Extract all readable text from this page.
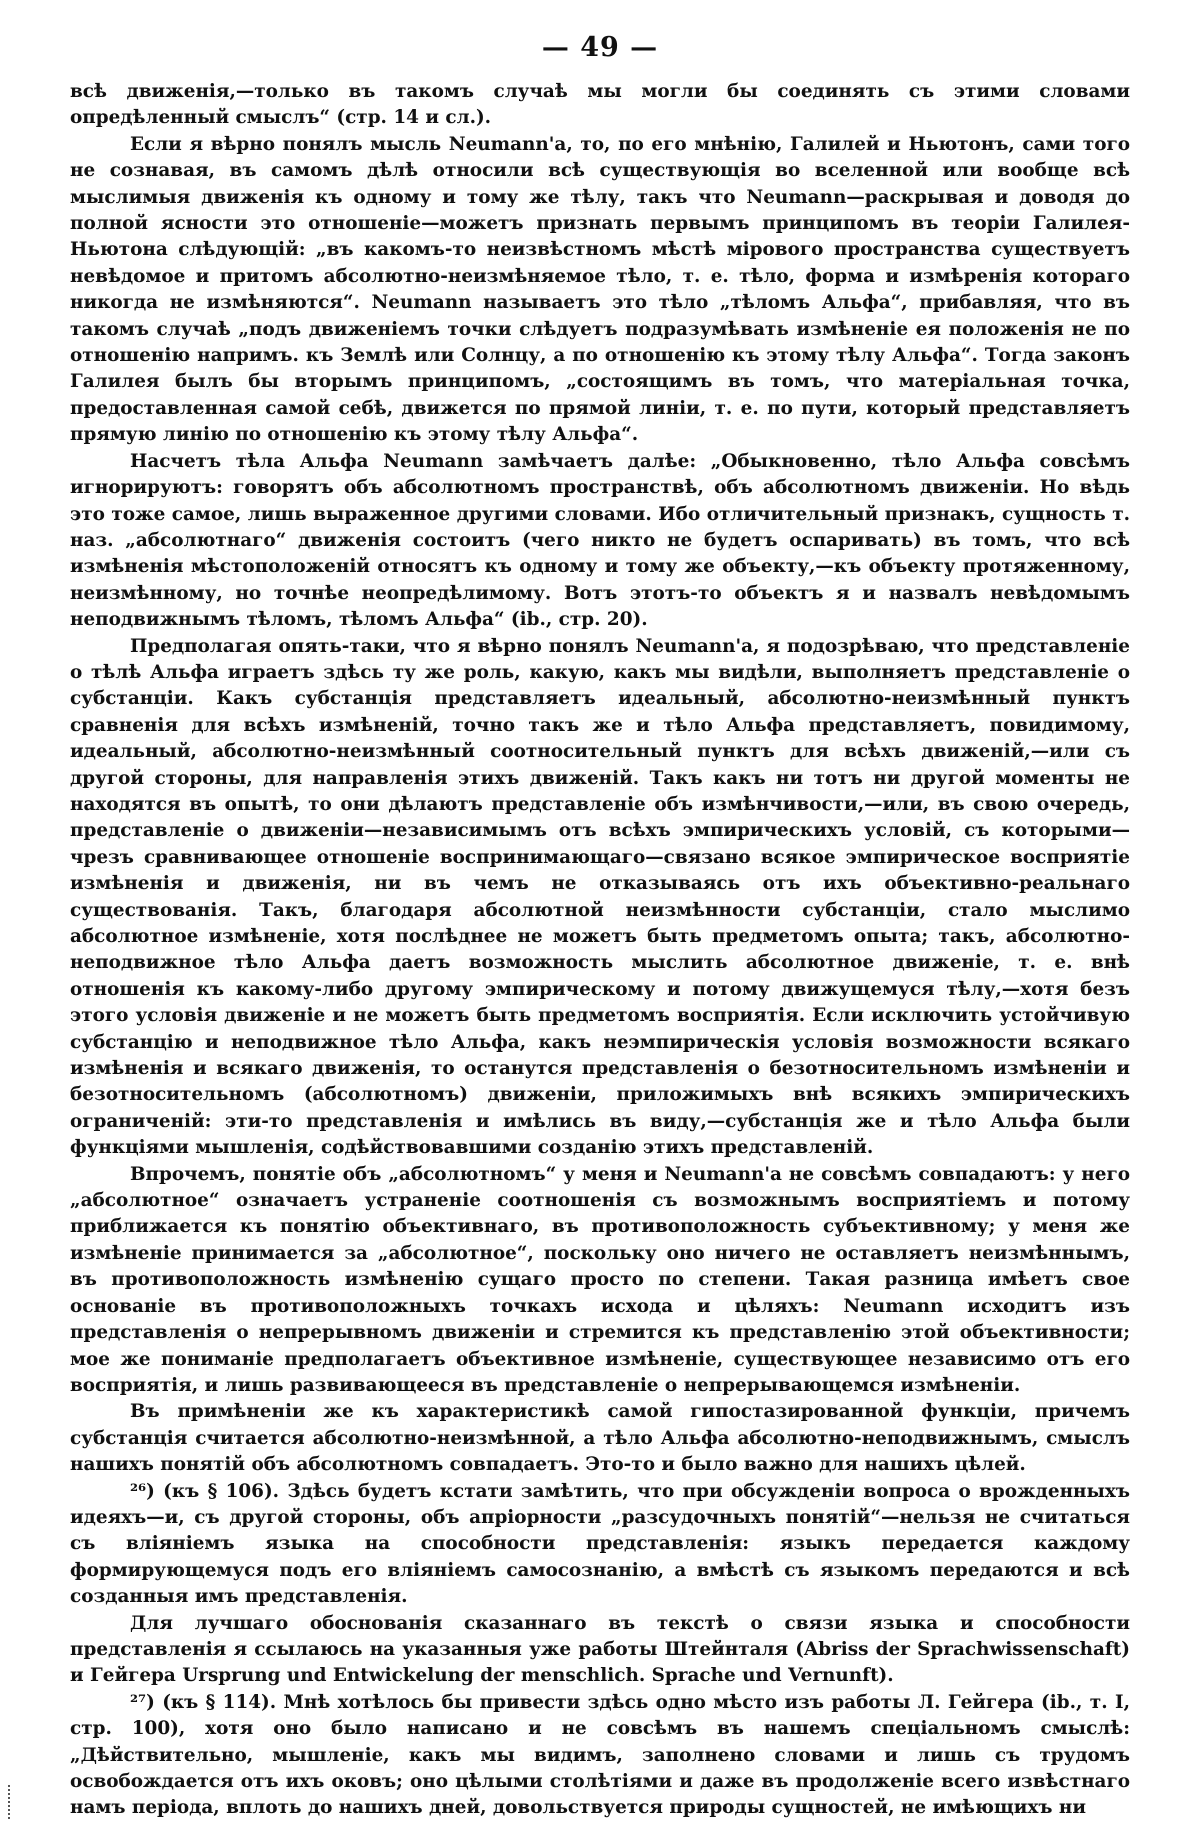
— 49 —

всѣ движенія,—только въ такомъ случаѣ мы могли бы соединять съ этими словами опредѣленный смыслъ“ (стр. 14 и сл.).

Если я вѣрно понялъ мысль Neumann'а, то, по его мнѣнію, Галилей и Ньютонъ, сами того не сознавая, въ самомъ дѣлѣ относили всѣ существующія во вселенной или вообще всѣ мыслимыя движенія къ одному и тому же тѣлу, такъ что Neumann—раскрывая и доводя до полной ясности это отношеніе—можетъ признать первымъ принципомъ въ теоріи Галилея-Ньютона слѣдующій: „въ какомъ-то неизвѣстномъ мѣстѣ мірового пространства существуетъ невѣдомое и притомъ абсолютно-неизмѣняемое тѣло, т. е. тѣло, форма и измѣренія котораго никогда не измѣняются“. Neumann называетъ это тѣло „тѣломъ Альфа“, прибавляя, что въ такомъ случаѣ „подъ движеніемъ точки слѣдуетъ подразумѣвать измѣненіе ея положенія не по отношенію напримъ. къ Землѣ или Солнцу, а по отношенію къ этому тѣлу Альфа“. Тогда законъ Галилея былъ бы вторымъ принципомъ, „состоящимъ въ томъ, что матеріальная точка, предоставленная самой себѣ, движется по прямой линіи, т. е. по пути, который представляетъ прямую линію по отношенію къ этому тѣлу Альфа“.

Насчетъ тѣла Альфа Neumann замѣчаетъ далѣе: „Обыкновенно, тѣло Альфа совсѣмъ игнорируютъ: говорятъ объ абсолютномъ пространствѣ, объ абсолютномъ движеніи. Но вѣдь это тоже самое, лишь выраженное другими словами. Ибо отличительный признакъ, сущность т. наз. „абсолютнаго“ движенія состоитъ (чего никто не будетъ оспаривать) въ томъ, что всѣ измѣненія мѣстоположеній относятъ къ одному и тому же объекту,—къ объекту протяженному, неизмѣнному, но точнѣе неопредѣлимому. Вотъ этотъ-то объектъ я и назвалъ невѣдомымъ неподвижнымъ тѣломъ, тѣломъ Альфа“ (ib., стр. 20).

Предполагая опять-таки, что я вѣрно понялъ Neumann'а, я подозрѣваю, что представленіе о тѣлѣ Альфа играетъ здѣсь ту же роль, какую, какъ мы видѣли, выполняетъ представленіе о субстанціи. Какъ субстанція представляетъ идеальный, абсолютно-неизмѣнный пунктъ сравненія для всѣхъ измѣненій, точно такъ же и тѣло Альфа представляетъ, повидимому, идеальный, абсолютно-неизмѣнный соотносительный пунктъ для всѣхъ движеній,—или съ другой стороны, для направленія этихъ движеній. Такъ какъ ни тотъ ни другой моменты не находятся въ опытѣ, то они дѣлаютъ представленіе объ измѣнчивости,—или, въ свою очередь, представленіе о движеніи—независимымъ отъ всѣхъ эмпирическихъ условій, съ которыми—чрезъ сравнивающее отношеніе воспринимающаго—связано всякое эмпирическое восприятіе измѣненія и движенія, ни въ чемъ не отказываясь отъ ихъ объективно-реальнаго существованія. Такъ, благодаря абсолютной неизмѣнности субстанціи, стало мыслимо абсолютное измѣненіе, хотя послѣднее не можетъ быть предметомъ опыта; такъ, абсолютно-неподвижное тѣло Альфа даетъ возможность мыслить абсолютное движеніе, т. е. внѣ отношенія къ какому-либо другому эмпирическому и потому движущемуся тѣлу,—хотя безъ этого условія движеніе и не можетъ быть предметомъ восприятія. Если исключить устойчивую субстанцію и неподвижное тѣло Альфа, какъ неэмпирическія условія возможности всякаго измѣненія и всякаго движенія, то останутся представленія о безотносительномъ измѣненіи и безотносительномъ (абсолютномъ) движеніи, приложимыхъ внѣ всякихъ эмпирическихъ ограниченій: эти-то представленія и имѣлись въ виду,—субстанція же и тѣло Альфа были функціями мышленія, содѣйствовавшими созданію этихъ представленій.

Впрочемъ, понятіе объ „абсолютномъ“ у меня и Neumann'а не совсѣмъ совпадаютъ: у него „абсолютное“ означаетъ устраненіе соотношенія съ возможнымъ восприятіемъ и потому приближается къ понятію объективнаго, въ противоположность субъективному; у меня же измѣненіе принимается за „абсолютное“, поскольку оно ничего не оставляетъ неизмѣннымъ, въ противоположность измѣненію сущаго просто по степени. Такая разница имѣетъ свое основаніе въ противоположныхъ точкахъ исхода и цѣляхъ: Neumann исходитъ изъ представленія о непрерывномъ движеніи и стремится къ представленію этой объективности; мое же пониманіе предполагаетъ объективное измѣненіе, существующее независимо отъ его восприятія, и лишь развивающееся въ представленіе о непрерывающемся измѣненіи.

Въ примѣненіи же къ характеристикѣ самой гипостазированной функціи, причемъ субстанція считается абсолютно-неизмѣнной, а тѣло Альфа абсолютно-неподвижнымъ, смыслъ нашихъ понятій объ абсолютномъ совпадаетъ. Это-то и было важно для нашихъ цѣлей.

²⁶) (къ § 106). Здѣсь будетъ кстати замѣтить, что при обсужденіи вопроса о врожденныхъ идеяхъ—и, съ другой стороны, объ апріорности „разсудочныхъ понятій“—нельзя не считаться съ вліяніемъ языка на способности представленія: языкъ передается каждому формирующемуся подъ его вліяніемъ самосознанію, а вмѣстѣ съ языкомъ передаются и всѣ созданныя имъ представленія.

Для лучшаго обоснованія сказаннаго въ текстѣ о связи языка и способности представленія я ссылаюсь на указанныя уже работы Штейнталя (Abriss der Sprachwissenschaft) и Гейгера Ursprung und Entwickelung der menschlich. Sprache und Vernunft).

²⁷) (къ § 114). Мнѣ хотѣлось бы привести здѣсь одно мѣсто изъ работы Л. Гейгера (ib., т. I, стр. 100), хотя оно было написано и не совсѣмъ въ нашемъ спеціальномъ смыслѣ: „Дѣйствительно, мышленіе, какъ мы видимъ, заполнено словами и лишь съ трудомъ освобождается отъ ихъ оковъ; оно цѣлыми столѣтіями и даже въ продолженіе всего извѣстнаго намъ періода, вплоть до нашихъ дней, довольствуется природы сущностей, не имѣющихъ ни
